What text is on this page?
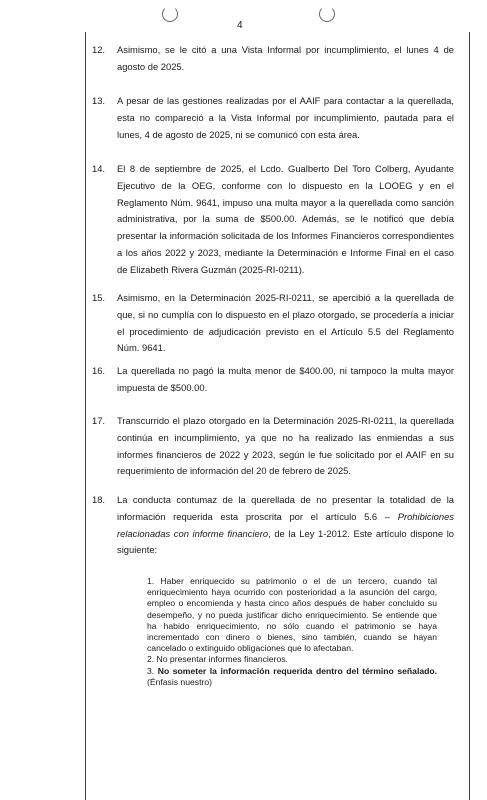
4
12. Asimismo, se le citó a una Vista Informal por incumplimiento, el lunes 4 de agosto de 2025.
13. A pesar de las gestiones realizadas por el AAIF para contactar a la querellada, esta no compareció a la Vista Informal por incumplimiento, pautada para el lunes, 4 de agosto de 2025, ni se comunicó con esta área.
14. El 8 de septiembre de 2025, el Lcdo. Gualberto Del Toro Colberg, Ayudante Ejecutivo de la OEG, conforme con lo dispuesto en la LOOEG y en el Reglamento Núm. 9641, impuso una multa mayor a la querellada como sanción administrativa, por la suma de $500.00. Además, se le notificó que debía presentar la información solicitada de los Informes Financieros correspondientes a los años 2022 y 2023, mediante la Determinación e Informe Final en el caso de Elizabeth Rivera Guzmán (2025-RI-0211).
15. Asimismo, en la Determinación 2025-RI-0211, se apercibió a la querellada de que, si no cumplía con lo dispuesto en el plazo otorgado, se procedería a iniciar el procedimiento de adjudicación previsto en el Artículo 5.5 del Reglamento Núm. 9641.
16. La querellada no pagó la multa menor de $400.00, ni tampoco la multa mayor impuesta de $500.00.
17. Transcurrido el plazo otorgado en la Determinación 2025-RI-0211, la querellada continúa en incumplimiento, ya que no ha realizado las enmiendas a sus informes financieros de 2022 y 2023, según le fue solicitado por el AAIF en su requerimiento de información del 20 de febrero de 2025.
18. La conducta contumaz de la querellada de no presentar la totalidad de la información requerida esta proscrita por el artículo 5.6 – Prohibiciones relacionadas con informe financiero, de la Ley 1-2012. Este artículo dispone lo siguiente:

1. Haber enriquecido su patrimonio o el de un tercero, cuando tal enriquecimiento haya ocurrido con posterioridad a la asunción del cargo, empleo o encomienda y hasta cinco años después de haber concluido su desempeño, y no pueda justificar dicho enriquecimiento. Se entiende que ha habido enriquecimiento, no sólo cuando el patrimonio se haya incrementado con dinero o bienes, sino también, cuando se hayan cancelado o extinguido obligaciones que lo afectaban.

2. No presentar informes financieros.

3. No someter la información requerida dentro del término señalado. (Énfasis nuestro)
